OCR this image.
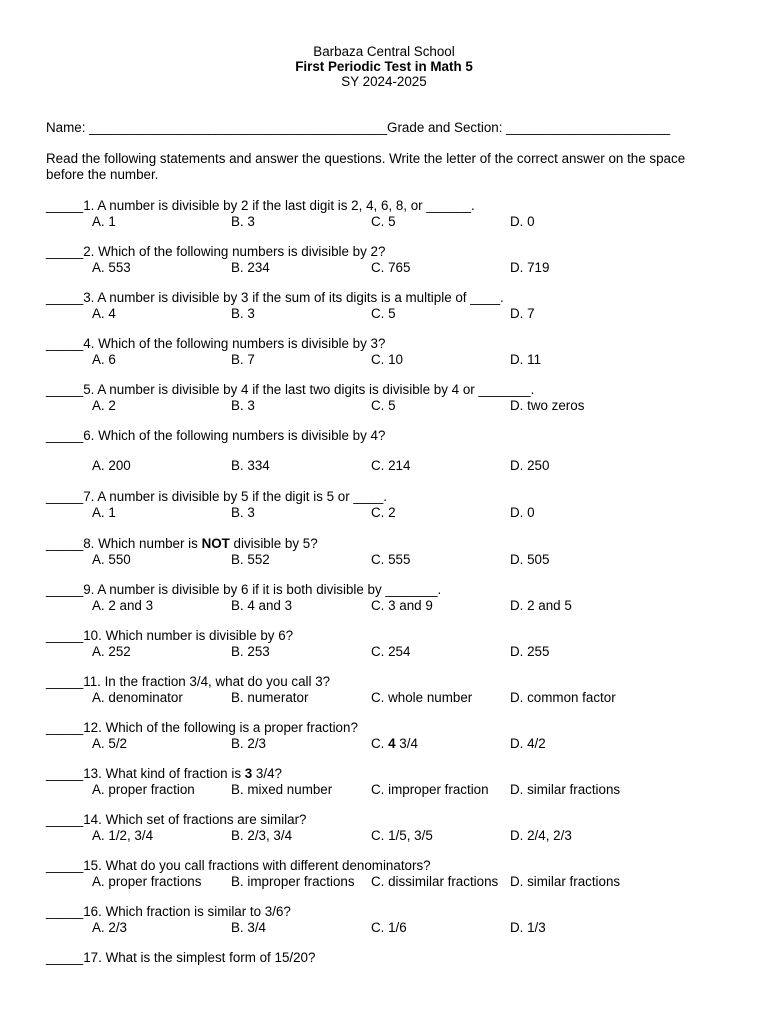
Barbaza Central School
First Periodic Test in Math 5
SY 2024-2025
Name: ________________________________________Grade and Section: ______________________
Read the following statements and answer the questions. Write the letter of the correct answer on the space before the number.
_____1. A number is divisible by 2 if the last digit is 2, 4, 6, 8, or ______.
A. 1	B. 3	C. 5	D. 0
_____2. Which of the following numbers is divisible by 2?
A. 553	B. 234	C. 765	D. 719
_____3. A number is divisible by 3 if the sum of its digits is a multiple of ____.
A. 4	B. 3	C. 5	D. 7
_____4. Which of the following numbers is divisible by 3?
A. 6	B. 7	C. 10	D. 11
_____5. A number is divisible by 4 if the last two digits is divisible by 4 or _______.
A. 2	B. 3	C. 5	D. two zeros
_____6. Which of the following numbers is divisible by 4?
A. 200	B. 334	C. 214	D. 250
_____7. A number is divisible by 5 if the digit is 5 or ____.
A. 1	B. 3	C. 2	D. 0
_____8. Which number is NOT divisible by 5?
A. 550	B. 552	C. 555	D. 505
_____9. A number is divisible by 6 if it is both divisible by _______.
A. 2 and 3	B. 4 and 3	C. 3 and 9	D. 2 and 5
_____10. Which number is divisible by 6?
A. 252	B. 253	C. 254	D. 255
_____11. In the fraction 3/4, what do you call 3?
A. denominator	B. numerator	C. whole number	D. common factor
_____12. Which of the following is a proper fraction?
A. 5/2	B. 2/3	C. 4 3/4	D. 4/2
_____13. What kind of fraction is 3 3/4?
A. proper fraction	B. mixed number	C. improper fraction D. similar fractions
_____14. Which set of fractions are similar?
A. 1/2, 3/4	B. 2/3, 3/4	C. 1/5, 3/5	D. 2/4, 2/3
_____15. What do you call fractions with different denominators?
A. proper fractions B. improper fractions C. dissimilar fractions D. similar fractions
_____16. Which fraction is similar to 3/6?
A. 2/3	B. 3/4	C. 1/6	D. 1/3
_____17. What is the simplest form of 15/20?
